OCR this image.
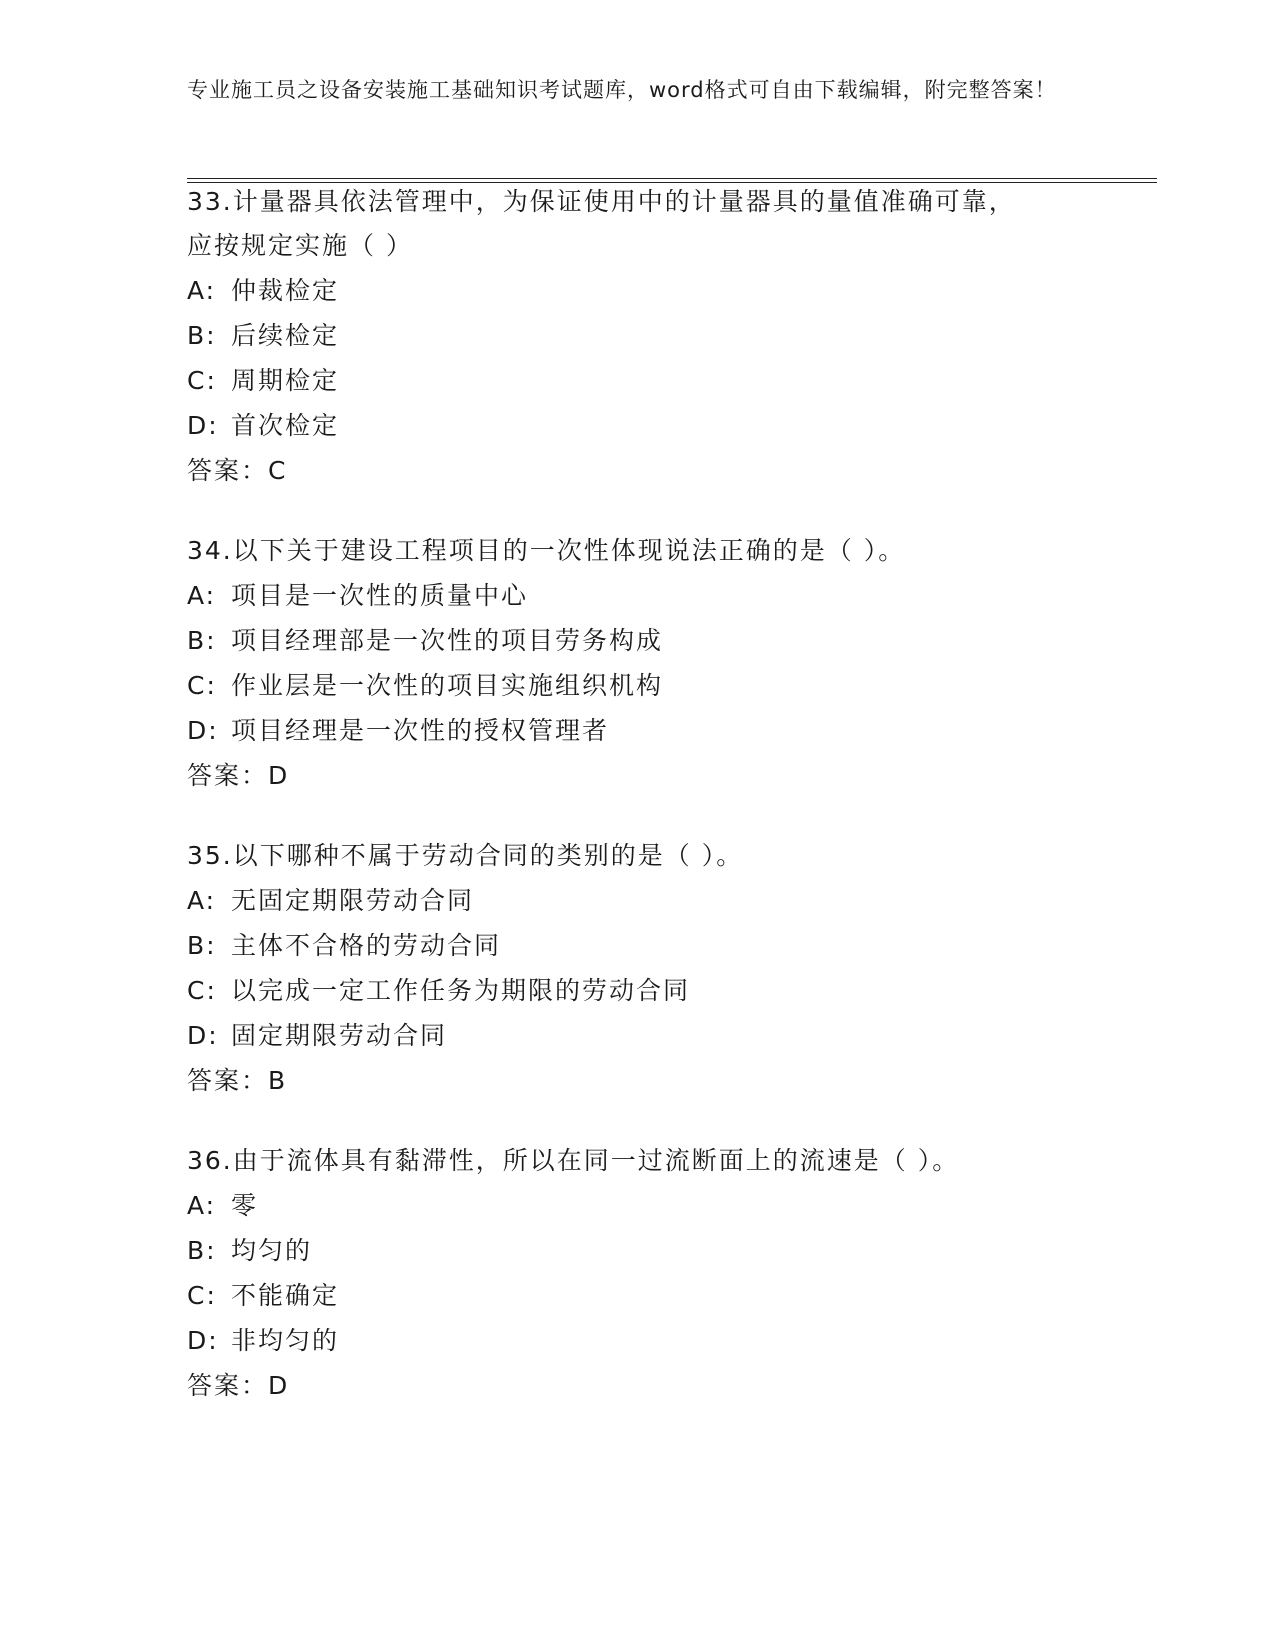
专业施工员之设备安装施工基础知识考试题库，word格式可自由下载编辑，附完整答案！

33.计量器具依法管理中，为保证使用中的计量器具的量值准确可靠，应按规定实施（ ）

A: 仲裁检定

B: 后续检定

C: 周期检定

D: 首次检定

答案：C

34.以下关于建设工程项目的一次性体现说法正确的是（ ）。

A: 项目是一次性的质量中心

B: 项目经理部是一次性的项目劳务构成

C: 作业层是一次性的项目实施组织机构

D: 项目经理是一次性的授权管理者

答案：D

35.以下哪种不属于劳动合同的类别的是（ ）。

A: 无固定期限劳动合同

B: 主体不合格的劳动合同

C: 以完成一定工作任务为期限的劳动合同

D: 固定期限劳动合同

答案：B

36.由于流体具有黏滞性，所以在同一过流断面上的流速是（ ）。

A: 零

B: 均匀的

C: 不能确定

D: 非均匀的

答案：D
